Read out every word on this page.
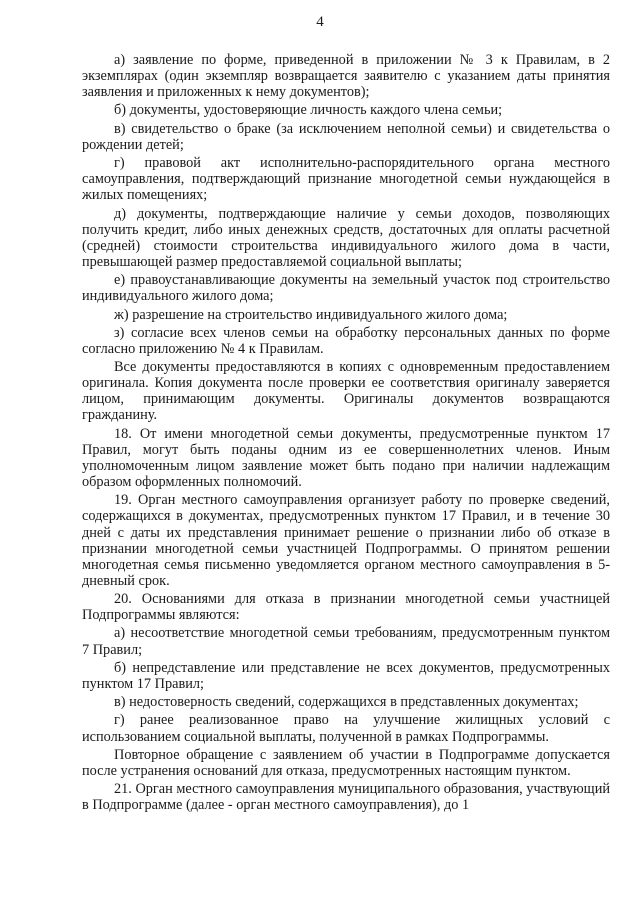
4

а) заявление по форме, приведенной в приложении № 3 к Правилам, в 2 экземплярах (один экземпляр возвращается заявителю с указанием даты принятия заявления и приложенных к нему документов);

б) документы, удостоверяющие личность каждого члена семьи;

в) свидетельство о браке (за исключением неполной семьи) и свидетельства о рождении детей;

г) правовой акт исполнительно-распорядительного органа местного самоуправления, подтверждающий признание многодетной семьи нуждающейся в жилых помещениях;

д) документы, подтверждающие наличие у семьи доходов, позволяющих получить кредит, либо иных денежных средств, достаточных для оплаты расчетной (средней) стоимости строительства индивидуального жилого дома в части, превышающей размер предоставляемой социальной выплаты;

е) правоустанавливающие документы на земельный участок под строительство индивидуального жилого дома;

ж) разрешение на строительство индивидуального жилого дома;

з) согласие всех членов семьи на обработку персональных данных по форме согласно приложению № 4 к Правилам.

Все документы предоставляются в копиях с одновременным предоставлением оригинала. Копия документа после проверки ее соответствия оригиналу заверяется лицом, принимающим документы. Оригиналы документов возвращаются гражданину.

18. От имени многодетной семьи документы, предусмотренные пунктом 17 Правил, могут быть поданы одним из ее совершеннолетних членов. Иным уполномоченным лицом заявление может быть подано при наличии надлежащим образом оформленных полномочий.

19. Орган местного самоуправления организует работу по проверке сведений, содержащихся в документах, предусмотренных пунктом 17 Правил, и в течение 30 дней с даты их представления принимает решение о признании либо об отказе в признании многодетной семьи участницей Подпрограммы. О принятом решении многодетная семья письменно уведомляется органом местного самоуправления в 5-дневный срок.

20. Основаниями для отказа в признании многодетной семьи участницей Подпрограммы являются:

а) несоответствие многодетной семьи требованиям, предусмотренным пунктом 7 Правил;

б) непредставление или представление не всех документов, предусмотренных пунктом 17 Правил;

в) недостоверность сведений, содержащихся в представленных документах;

г) ранее реализованное право на улучшение жилищных условий с использованием социальной выплаты, полученной в рамках Подпрограммы.

Повторное обращение с заявлением об участии в Подпрограмме допускается после устранения оснований для отказа, предусмотренных настоящим пунктом.

21. Орган местного самоуправления муниципального образования, участвующий в Подпрограмме (далее - орган местного самоуправления), до 1
